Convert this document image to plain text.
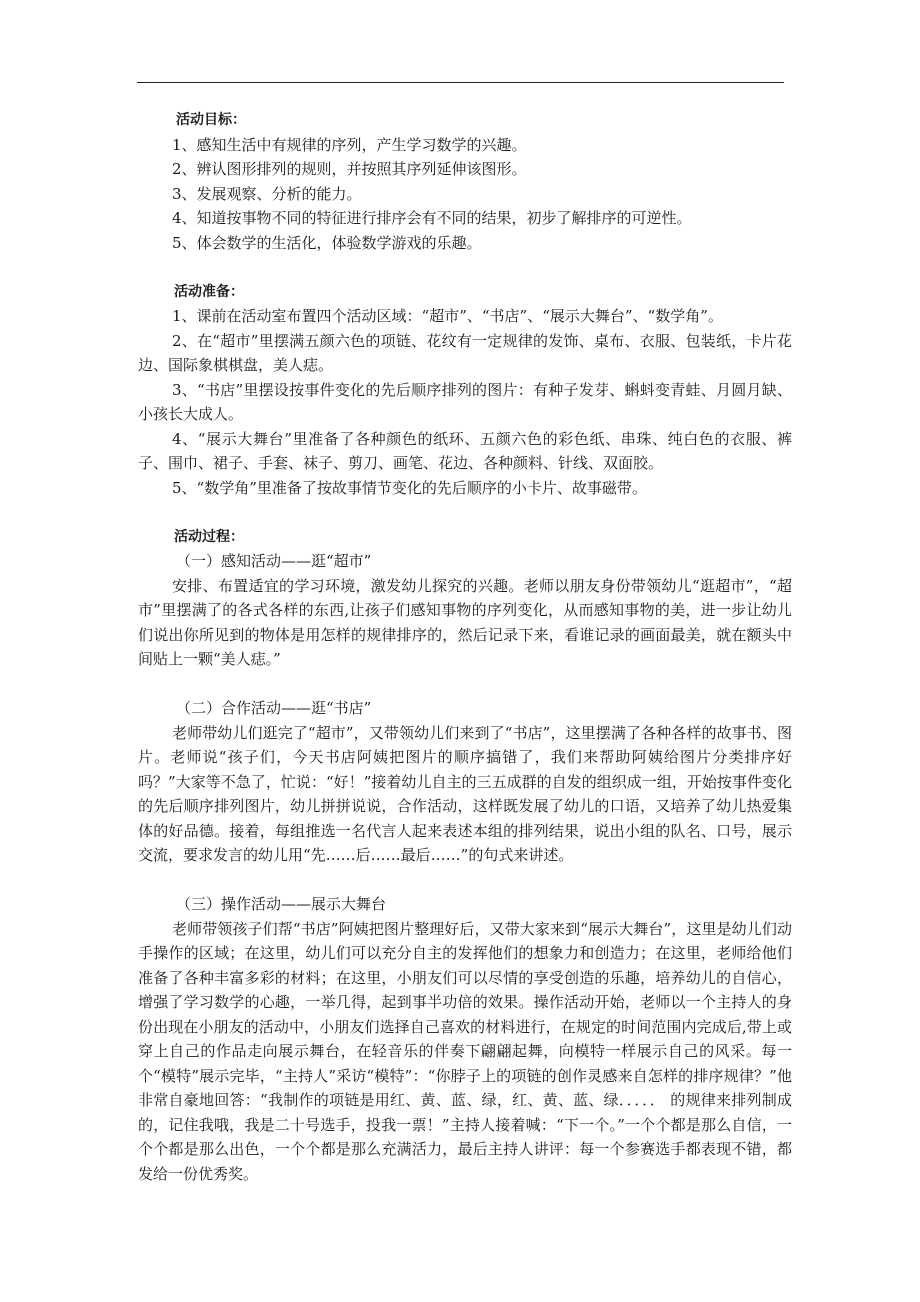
活动目标：

1、感知生活中有规律的序列，产生学习数学的兴趣。

2、辨认图形排列的规则，并按照其序列延伸该图形。

3、发展观察、分析的能力。

4、知道按事物不同的特征进行排序会有不同的结果，初步了解排序的可逆性。

5、体会数学的生活化，体验数学游戏的乐趣。

活动准备：

1、课前在活动室布置四个活动区域：“超市”、“书店”、“展示大舞台”、“数学角”。

2、在“超市”里摆满五颜六色的项链、花纹有一定规律的发饰、桌布、衣服、包装纸，卡片花边、国际象棋棋盘，美人痣。

3、“书店”里摆设按事件变化的先后顺序排列的图片：有种子发芽、蝌蚪变青蛙、月圆月缺、小孩长大成人。

4、“展示大舞台”里准备了各种颜色的纸环、五颜六色的彩色纸、串珠、纯白色的衣服、裤子、围巾、裙子、手套、袜子、剪刀、画笔、花边、各种颜料、针线、双面胶。

5、“数学角”里准备了按故事情节变化的先后顺序的小卡片、故事磁带。

活动过程：

（一）感知活动——逛“超市”

安排、布置适宜的学习环境，激发幼儿探究的兴趣。老师以朋友身份带领幼儿“逛超市”，“超市”里摆满了的各式各样的东西,让孩子们感知事物的序列变化，从而感知事物的美，进一步让幼儿们说出你所见到的物体是用怎样的规律排序的，然后记录下来，看谁记录的画面最美，就在额头中间贴上一颗“美人痣。”

（二）合作活动——逛“书店”

老师带幼儿们逛完了“超市”，又带领幼儿们来到了“书店”，这里摆满了各种各样的故事书、图片。老师说“孩子们，今天书店阿姨把图片的顺序搞错了，我们来帮助阿姨给图片分类排序好吗？”大家等不急了，忙说：“好！”接着幼儿自主的三五成群的自发的组织成一组，开始按事件变化的先后顺序排列图片，幼儿拼拼说说，合作活动，这样既发展了幼儿的口语，又培养了幼儿热爱集体的好品德。接着，每组推选一名代言人起来表述本组的排列结果，说出小组的队名、口号，展示交流，要求发言的幼儿用“先……后……最后……”的句式来讲述。

（三）操作活动——展示大舞台

老师带领孩子们帮“书店”阿姨把图片整理好后，又带大家来到“展示大舞台”，这里是幼儿们动手操作的区域；在这里，幼儿们可以充分自主的发挥他们的想象力和创造力；在这里，老师给他们准备了各种丰富多彩的材料；在这里，小朋友们可以尽情的享受创造的乐趣，培养幼儿的自信心，增强了学习数学的心趣，一举几得，起到事半功倍的效果。操作活动开始，老师以一个主持人的身份出现在小朋友的活动中，小朋友们选择自己喜欢的材料进行，在规定的时间范围内完成后,带上或穿上自己的作品走向展示舞台，在轻音乐的伴奏下翩翩起舞，向模特一样展示自己的风采。每一个“模特”展示完毕，“主持人”采访“模特”：“你脖子上的项链的创作灵感来自怎样的排序规律？”他非常自豪地回答：“我制作的项链是用红、黄、蓝、绿，红、黄、蓝、绿．．．．． 的规律来排列制成的，记住我哦，我是二十号选手，投我一票！”主持人接着喊：“下一个。”一个个都是那么自信，一个个都是那么出色，一个个都是那么充满活力，最后主持人讲评：每一个参赛选手都表现不错，都发给一份优秀奖。
